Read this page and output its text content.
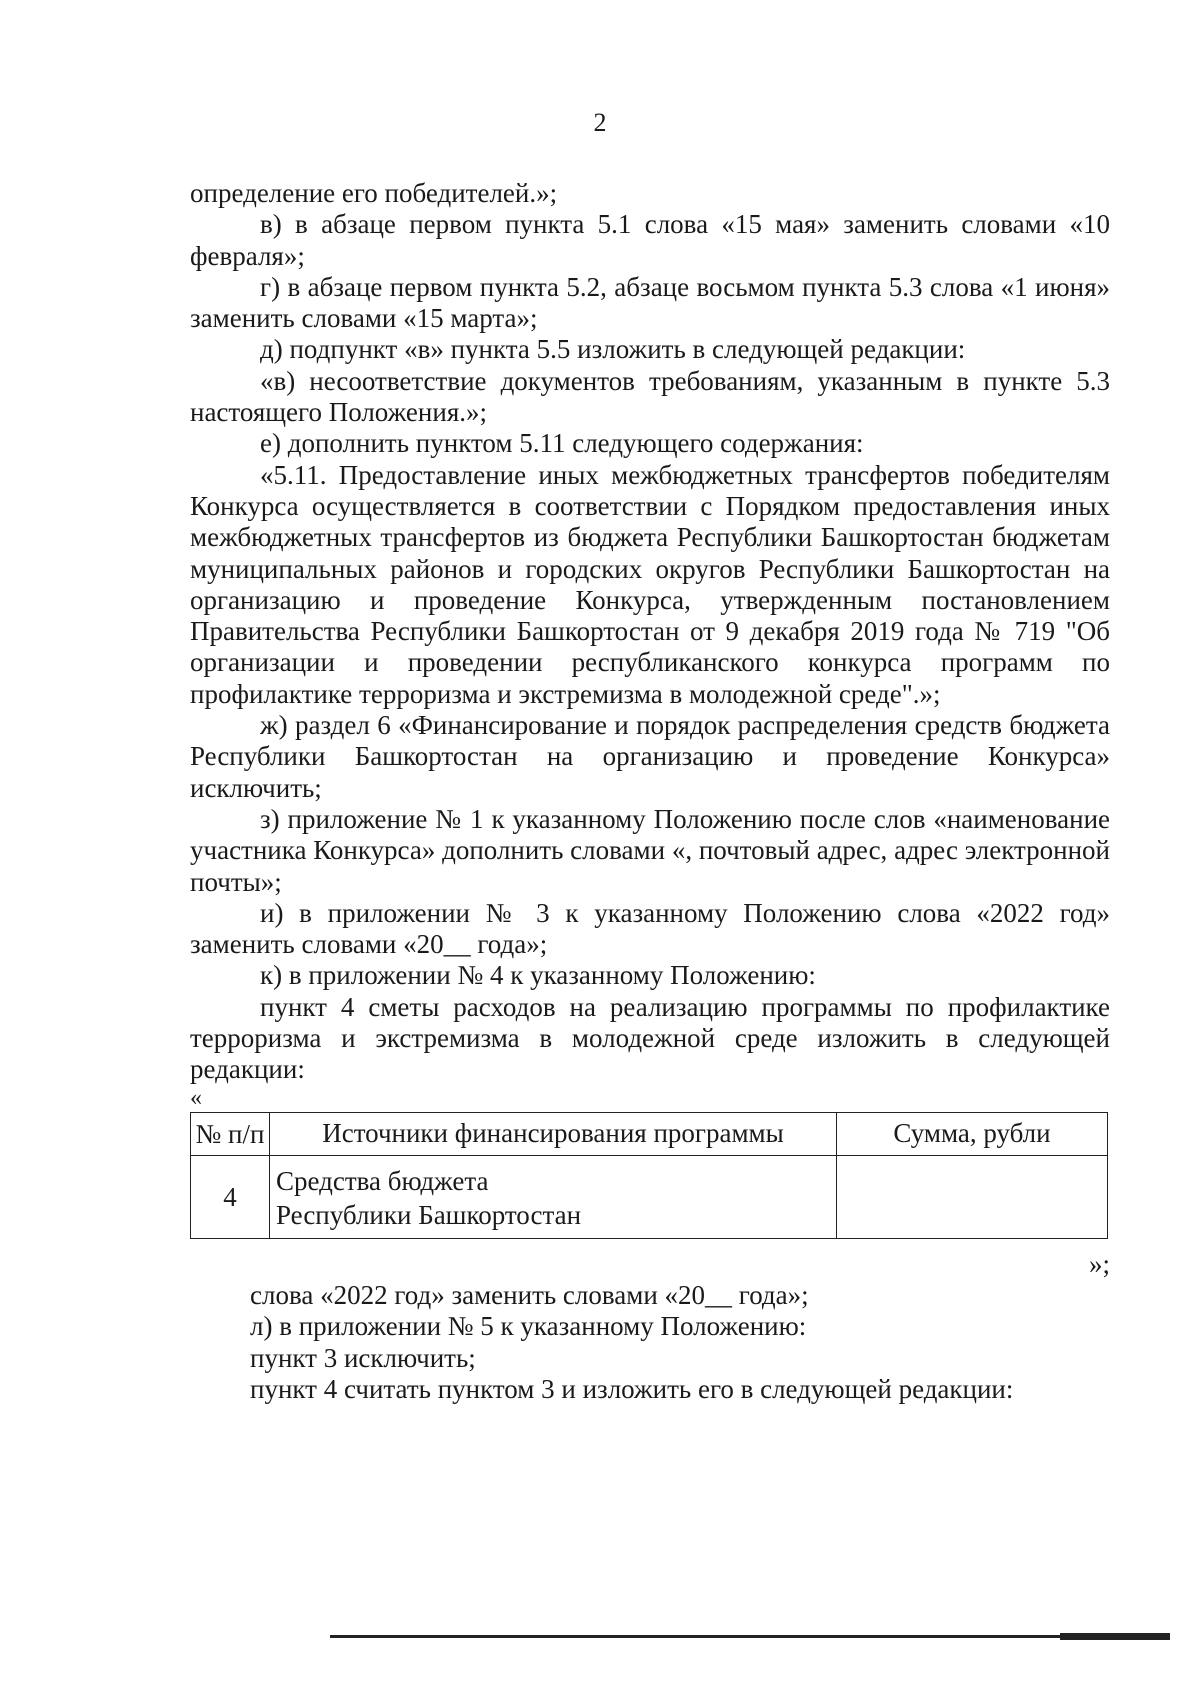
2

определение его победителей.»;

в) в абзаце первом пункта 5.1 слова «15 мая» заменить словами «10 февраля»;

г) в абзаце первом пункта 5.2, абзаце восьмом пункта 5.3 слова «1 июня» заменить словами «15 марта»;

д) подпункт «в» пункта 5.5 изложить в следующей редакции:

«в) несоответствие документов требованиям, указанным в пункте 5.3 настоящего Положения.»;

е) дополнить пунктом 5.11 следующего содержания:

«5.11. Предоставление иных межбюджетных трансфертов победителям Конкурса осуществляется в соответствии с Порядком предоставления иных межбюджетных трансфертов из бюджета Республики Башкортостан бюджетам муниципальных районов и городских округов Республики Башкортостан на организацию и проведение Конкурса, утвержденным постановлением Правительства Республики Башкортостан от 9 декабря 2019 года № 719 "Об организации и проведении республиканского конкурса программ по профилактике терроризма и экстремизма в молодежной среде".»;

ж) раздел 6 «Финансирование и порядок распределения средств бюджета Республики Башкортостан на организацию и проведение Конкурса» исключить;

з) приложение № 1 к указанному Положению после слов «наименование участника Конкурса» дополнить словами «, почтовый адрес, адрес электронной почты»;

и) в приложении № 3 к указанному Положению слова «2022 год» заменить словами «20__ года»;

к) в приложении № 4 к указанному Положению:

пункт 4 сметы расходов на реализацию программы по профилактике терроризма и экстремизма в молодежной среде изложить в следующей редакции:

«

№ п/п	Источники финансирования программы	Сумма, рубли
4	Средства бюджета
Республики Башкортостан	

»;

слова «2022 год» заменить словами «20__ года»;

л) в приложении № 5 к указанному Положению:

пункт 3 исключить;

пункт 4 считать пунктом 3 и изложить его в следующей редакции:
